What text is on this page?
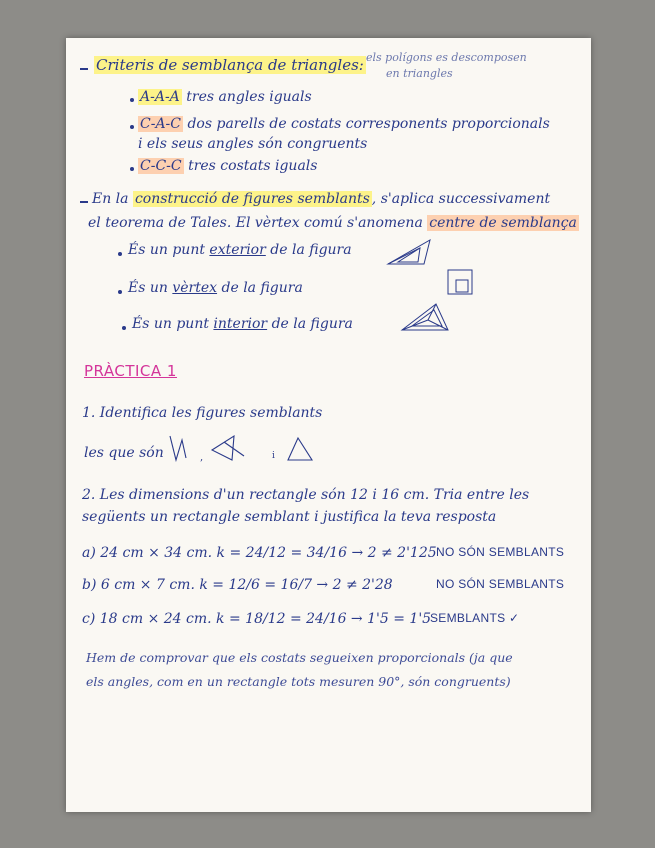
Criteris de semblança de triangles: els polígons es descomposen
en triangles
A-A-A tres angles iguals
C-A-C dos parells de costats corresponents proporcionals
i els seus angles són congruents
C-C-C tres costats iguals
En la construcció de figures semblants , s'aplica successivament
el teorema de Tales. El vèrtex comú s'anomena centre de semblança
És un punt exterior de la figura
És un vèrtex de la figura
És un punt interior de la figura
PRÀCTICA 1
1. Identifica les figures semblants
les que són	,	i
2. Les dimensions d'un rectangle són 12 i 16 cm. Tria entre les
següents un rectangle semblant i justifica la teva resposta
a) 24 cm × 34 cm. k = 24/12 = 34/16 → 2 ≠ 2'125 NO SÓN SEMBLANTS
b) 6 cm × 7 cm. k = 12/6 = 16/7 → 2 ≠ 2'28	NO SÓN SEMBLANTS
c) 18 cm × 24 cm. k = 18/12 = 24/16 → 1'5 = 1'5
SEMBLANTS ✓
Hem de comprovar que els costats segueixen proporcionals (ja que
els angles, com en un rectangle tots mesuren 90°, són congruents)
